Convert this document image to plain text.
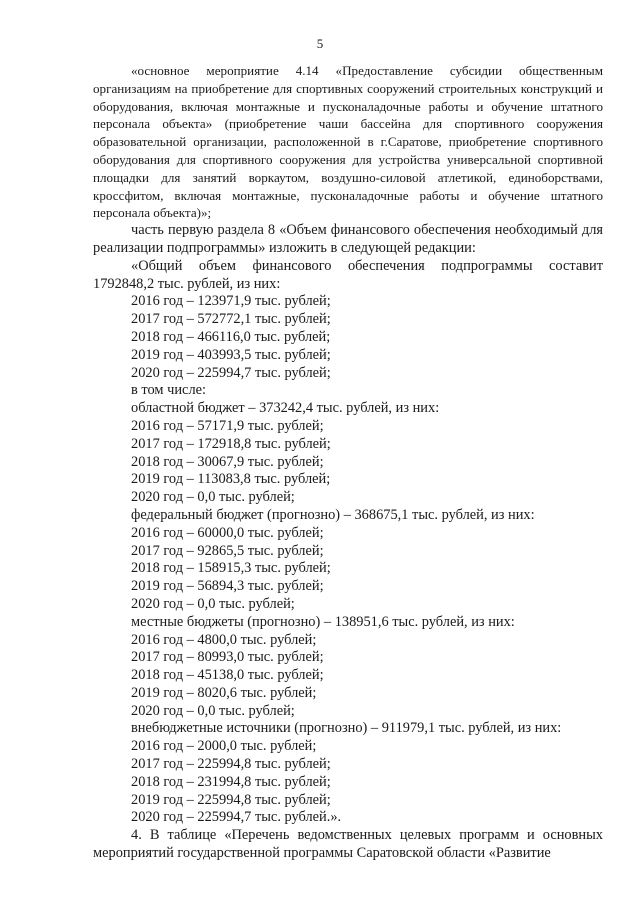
5

«основное мероприятие 4.14 «Предоставление субсидии общественным организациям на приобретение для спортивных сооружений строительных конструкций и оборудования, включая монтажные и пусконаладочные работы и обучение штатного персонала объекта» (приобретение чаши бассейна для спортивного сооружения образовательной организации, расположенной в г.Саратове, приобретение спортивного оборудования для спортивного сооружения для устройства универсальной спортивной площадки для занятий воркаутом, воздушно-силовой атлетикой, единоборствами, кроссфитом, включая монтажные, пусконаладочные работы и обучение штатного персонала объекта)»;

часть первую раздела 8 «Объем финансового обеспечения необходимый для реализации подпрограммы» изложить в следующей редакции:

«Общий объем финансового обеспечения подпрограммы составит 1792848,2 тыс. рублей, из них:

2016 год – 123971,9 тыс. рублей;

2017 год – 572772,1 тыс. рублей;

2018 год – 466116,0 тыс. рублей;

2019 год – 403993,5 тыс. рублей;

2020 год – 225994,7 тыс. рублей;

в том числе:

областной бюджет – 373242,4 тыс. рублей, из них:

2016 год – 57171,9 тыс. рублей;

2017 год – 172918,8 тыс. рублей;

2018 год – 30067,9 тыс. рублей;

2019 год – 113083,8 тыс. рублей;

2020 год – 0,0 тыс. рублей;

федеральный бюджет (прогнозно) – 368675,1 тыс. рублей, из них:

2016 год – 60000,0 тыс. рублей;

2017 год – 92865,5 тыс. рублей;

2018 год – 158915,3 тыс. рублей;

2019 год – 56894,3 тыс. рублей;

2020 год – 0,0 тыс. рублей;

местные бюджеты (прогнозно) – 138951,6 тыс. рублей, из них:

2016 год – 4800,0 тыс. рублей;

2017 год – 80993,0 тыс. рублей;

2018 год – 45138,0 тыс. рублей;

2019 год – 8020,6 тыс. рублей;

2020 год – 0,0 тыс. рублей;

внебюджетные источники (прогнозно) – 911979,1 тыс. рублей, из них:

2016 год – 2000,0 тыс. рублей;

2017 год – 225994,8 тыс. рублей;

2018 год – 231994,8 тыс. рублей;

2019 год – 225994,8 тыс. рублей;

2020 год – 225994,7 тыс. рублей.».

4. В таблице «Перечень ведомственных целевых программ и основных мероприятий государственной программы Саратовской области «Развитие
